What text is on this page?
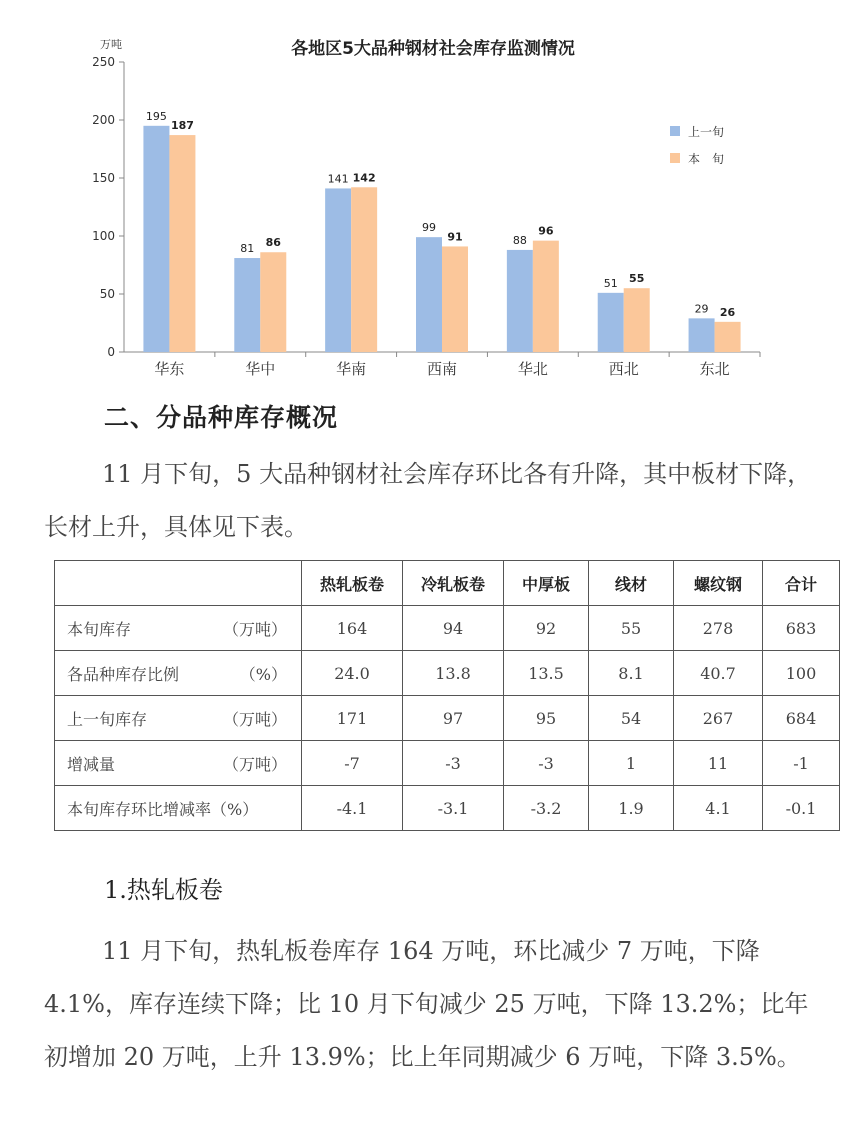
各地区5大品种钢材社会库存监测情况
万吨
0
50
100
150
200
250
华东	华中	华南	西南	华北	西北	东北
195
187
81 86
141 142
99
91	88
96
51 55
29 26
上一旬
本　旬
二、分品种库存概况

11 月下旬，5 大品种钢材社会库存环比各有升降，其中板材下降，长材上升，具体见下表。

	热轧板卷	冷轧板卷	中厚板	线材	螺纹钢	合计
本旬库存 （万吨）	164	94	92	55	278	683
各品种库存比例 （%）	24.0	13.8	13.5	8.1	40.7	100
上一旬库存 （万吨）	171	97	95	54	267	684
增减量 （万吨）	-7	-3	-3	1	11	-1
本旬库存环比增减率（%）	-4.1	-3.1	-3.2	1.9	4.1	-0.1
1.热轧板卷

11 月下旬，热轧板卷库存 164 万吨，环比减少 7 万吨，下降 4.1%，库存连续下降；比 10 月下旬减少 25 万吨，下降 13.2%；比年初增加 20 万吨，上升 13.9%；比上年同期减少 6 万吨，下降 3.5%。
